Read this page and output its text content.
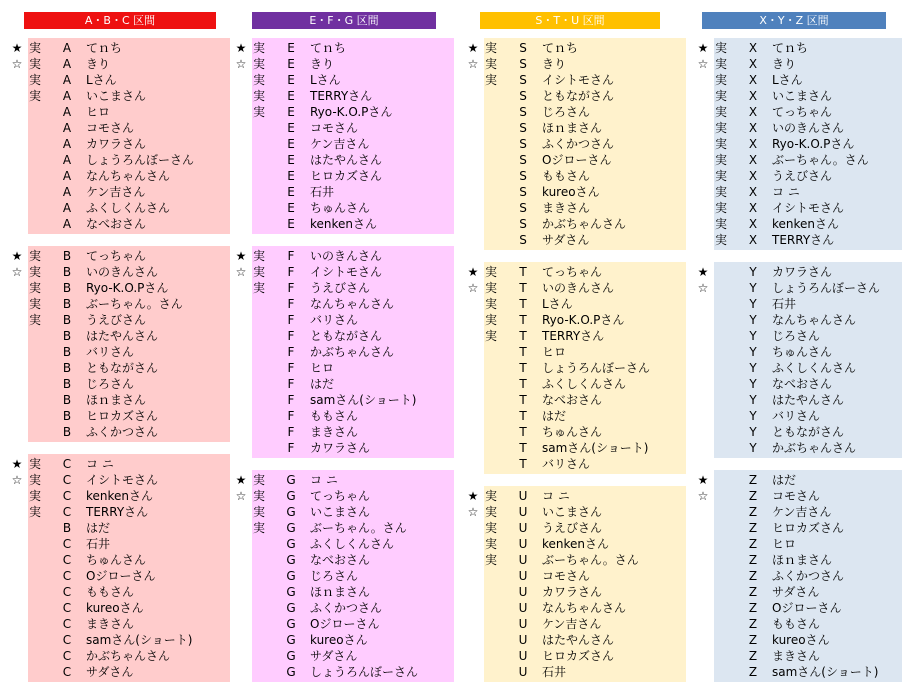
A・B・C 区間
★ 実 A てｎち
☆ 実 A きり
実 A Lさん
実 A いこまさん
A ヒロ
A コモさん
A カワラさん
A しょうろんぼーさん
A なんちゃんさん
A ケン吉さん
A ふくしくんさん
A なべおさん
★ 実 B てっちゃん
☆ 実 B いのきんさん
実 B Ryo-K.O.Pさん
実 B ぶーちゃん。さん
実 B うえびさん
B はたやんさん
B バリさん
B ともながさん
B じろさん
B ほｎまさん
B ヒロカズさん
B ふくかつさん
★ 実 C コ ニ
☆ 実 C イシトモさん
実 C kenkenさん
実 C TERRYさん
B はだ
C 石井
C ちゅんさん
C Oジローさん
C ももさん
C kureoさん
C まきさん
C samさん(ショート)
C かぶちゃんさん
C サダさん
E・F・G 区間
★ 実 E てｎち
☆ 実 E きり
実 E Lさん
実 E TERRYさん
実 E Ryo-K.O.Pさん
E コモさん
E ケン吉さん
E はたやんさん
E ヒロカズさん
E 石井
E ちゅんさん
E kenkenさん
★ 実 F いのきんさん
☆ 実 F イシトモさん
実 F うえびさん
F なんちゃんさん
F バリさん
F ともながさん
F かぶちゃんさん
F ヒロ
F はだ
F samさん(ショート)
F ももさん
F まきさん
F カワラさん
★ 実 G コ ニ
☆ 実 G てっちゃん
実 G いこまさん
実 G ぶーちゃん。さん
G ふくしくんさん
G なべおさん
G じろさん
G ほｎまさん
G ふくかつさん
G Oジローさん
G kureoさん
G サダさん
G しょうろんぼーさん
S・T・U 区間
★ 実 S てｎち
☆ 実 S きり
実 S イシトモさん
S ともながさん
S じろさん
S ほｎまさん
S ふくかつさん
S Oジローさん
S ももさん
S kureoさん
S まきさん
S かぶちゃんさん
S サダさん
★ 実 T てっちゃん
☆ 実 T いのきんさん
実 T Lさん
実 T Ryo-K.O.Pさん
実 T TERRYさん
T ヒロ
T しょうろんぼーさん
T ふくしくんさん
T なべおさん
T はだ
T ちゅんさん
T samさん(ショート)
T バリさん
★ 実 U コ ニ
☆ 実 U いこまさん
実 U うえびさん
実 U kenkenさん
実 U ぶーちゃん。さん
U コモさん
U カワラさん
U なんちゃんさん
U ケン吉さん
U はたやんさん
U ヒロカズさん
U 石井
X・Y・Z 区間
★ 実 X てｎち
☆ 実 X きり
実 X Lさん
実 X いこまさん
実 X てっちゃん
実 X いのきんさん
実 X Ryo-K.O.Pさん
実 X ぶーちゃん。さん
実 X うえびさん
実 X コ ニ
実 X イシトモさん
実 X kenkenさん
実 X TERRYさん
★	Y カワラさん
☆	Y しょうろんぼーさん
Y 石井
Y なんちゃんさん
Y じろさん
Y ちゅんさん
Y ふくしくんさん
Y なべおさん
Y はたやんさん
Y バリさん
Y ともながさん
Y かぶちゃんさん
★	Z はだ
☆	Z コモさん
Z ケン吉さん
Z ヒロカズさん
Z ヒロ
Z ほｎまさん
Z ふくかつさん
Z サダさん
Z Oジローさん
Z ももさん
Z kureoさん
Z まきさん
Z samさん(ショート)
